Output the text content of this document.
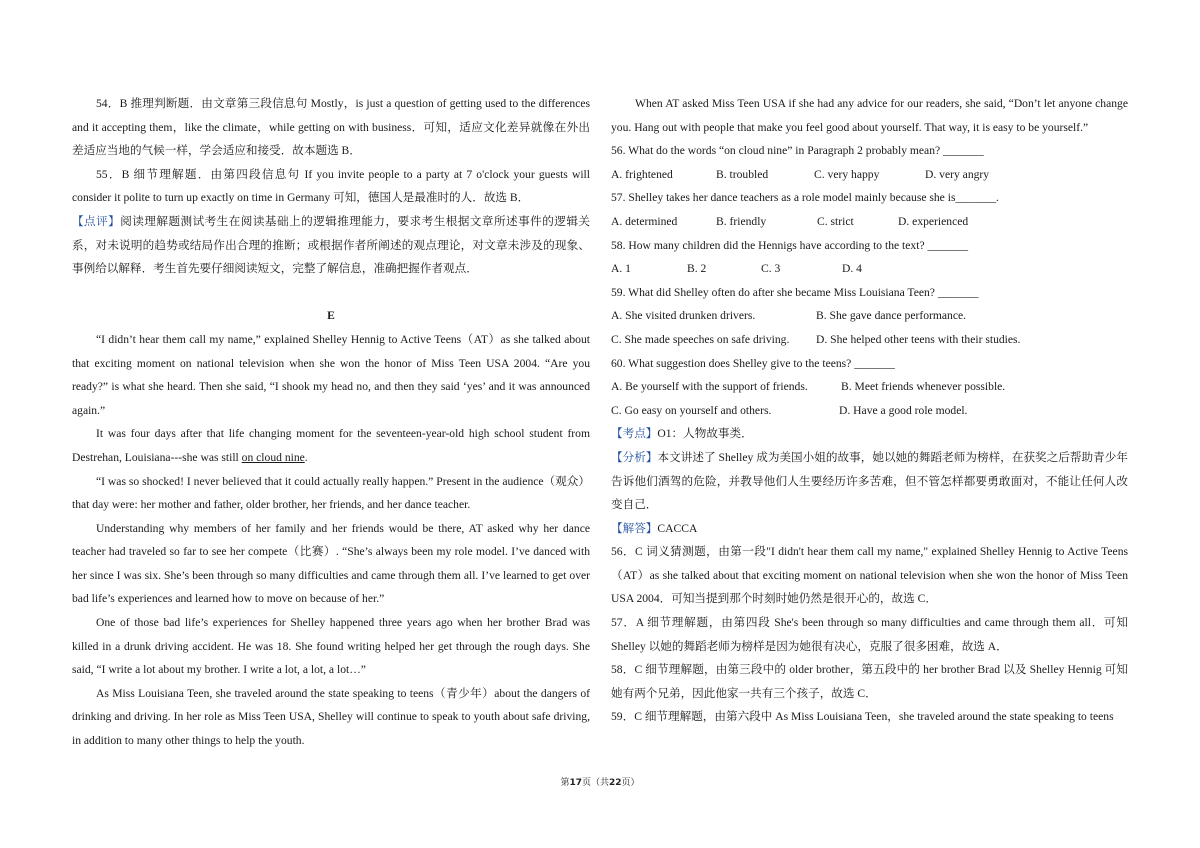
54．B 推理判断题．由文章第三段信息句 Mostly，is just a question of getting used to the differences and it accepting them，like the climate，while getting on with business．可知，适应文化差异就像在外出差适应当地的气候一样，学会适应和接受．故本题选 B．

55．B 细节理解题．由第四段信息句 If you invite people to a party at 7 o'clock your guests will consider it polite to turn up exactly on time in Germany 可知，德国人是最准时的人．故选 B．

【点评】阅读理解题测试考生在阅读基础上的逻辑推理能力，要求考生根据文章所述事件的逻辑关系，对未说明的趋势或结局作出合理的推断；或根据作者所阐述的观点理论，对文章未涉及的现象、事例给以解释．考生首先要仔细阅读短文，完整了解信息，准确把握作者观点．

E

“I didn’t hear them call my name,” explained Shelley Hennig to Active Teens（AT）as she talked about that exciting moment on national television when she won the honor of Miss Teen USA 2004. “Are you ready?” is what she heard. Then she said, “I shook my head no, and then they said ‘yes’ and it was announced again.”

It was four days after that life changing moment for the seventeen-year-old high school student from Destrehan, Louisiana---she was still on cloud nine.

“I was so shocked! I never believed that it could actually really happen.” Present in the audience（观众）that day were: her mother and father, older brother, her friends, and her dance teacher.

Understanding why members of her family and her friends would be there, AT asked why her dance teacher had traveled so far to see her compete（比赛）. “She’s always been my role model. I’ve danced with her since I was six. She’s been through so many difficulties and came through them all. I’ve learned to get over bad life’s experiences and learned how to move on because of her.”

One of those bad life’s experiences for Shelley happened three years ago when her brother Brad was killed in a drunk driving accident. He was 18. She found writing helped her get through the rough days. She said, “I write a lot about my brother. I write a lot, a lot, a lot…”

As Miss Louisiana Teen, she traveled around the state speaking to teens（青少年）about the dangers of drinking and driving. In her role as Miss Teen USA, Shelley will continue to speak to youth about safe driving, in addition to many other things to help the youth.

When AT asked Miss Teen USA if she had any advice for our readers, she said, “Don’t let anyone change you. Hang out with people that make you feel good about yourself. That way, it is easy to be yourself.”

56. What do the words “on cloud nine” in Paragraph 2 probably mean? _______

A. frightened	B. troubled	C. very happy	D. very angry

57. Shelley takes her dance teachers as a role model mainly because she is_______.

A. determined	B. friendly	C. strict	D. experienced

58. How many children did the Hennigs have according to the text? _______

A. 1	B. 2	C. 3	D. 4

59. What did Shelley often do after she became Miss Louisiana Teen? _______

A. She visited drunken drivers.	B. She gave dance performance.
C. She made speeches on safe driving.	D. She helped other teens with their studies.

60. What suggestion does Shelley give to the teens? _______

A. Be yourself with the support of friends.	B. Meet friends whenever possible.
C. Go easy on yourself and others.	D. Have a good role model.

【考点】O1：人物故事类．

【分析】本文讲述了 Shelley 成为美国小姐的故事，她以她的舞蹈老师为榜样，在获奖之后帮助青少年告诉他们酒驾的危险，并教导他们人生要经历许多苦难，但不管怎样都要勇敢面对，不能让任何人改变自己．

【解答】CACCA

56．C 词义猜测题，由第一段"I didn't hear them call my name," explained Shelley Hennig to Active Teens（AT）as she talked about that exciting moment on national television when she won the honor of Miss Teen USA 2004．可知当提到那个时刻时她仍然是很开心的，故选 C．

57．A 细节理解题，由第四段 She's been through so many difficulties and came through them all．可知 Shelley 以她的舞蹈老师为榜样是因为她很有决心，克服了很多困难，故选 A．

58．C 细节理解题，由第三段中的 older brother，第五段中的 her brother Brad 以及 Shelley Hennig 可知她有两个兄弟，因此他家一共有三个孩子，故选 C．

59．C 细节理解题，由第六段中 As Miss Louisiana Teen，she traveled around the state speaking to teens

第17页（共22页）
